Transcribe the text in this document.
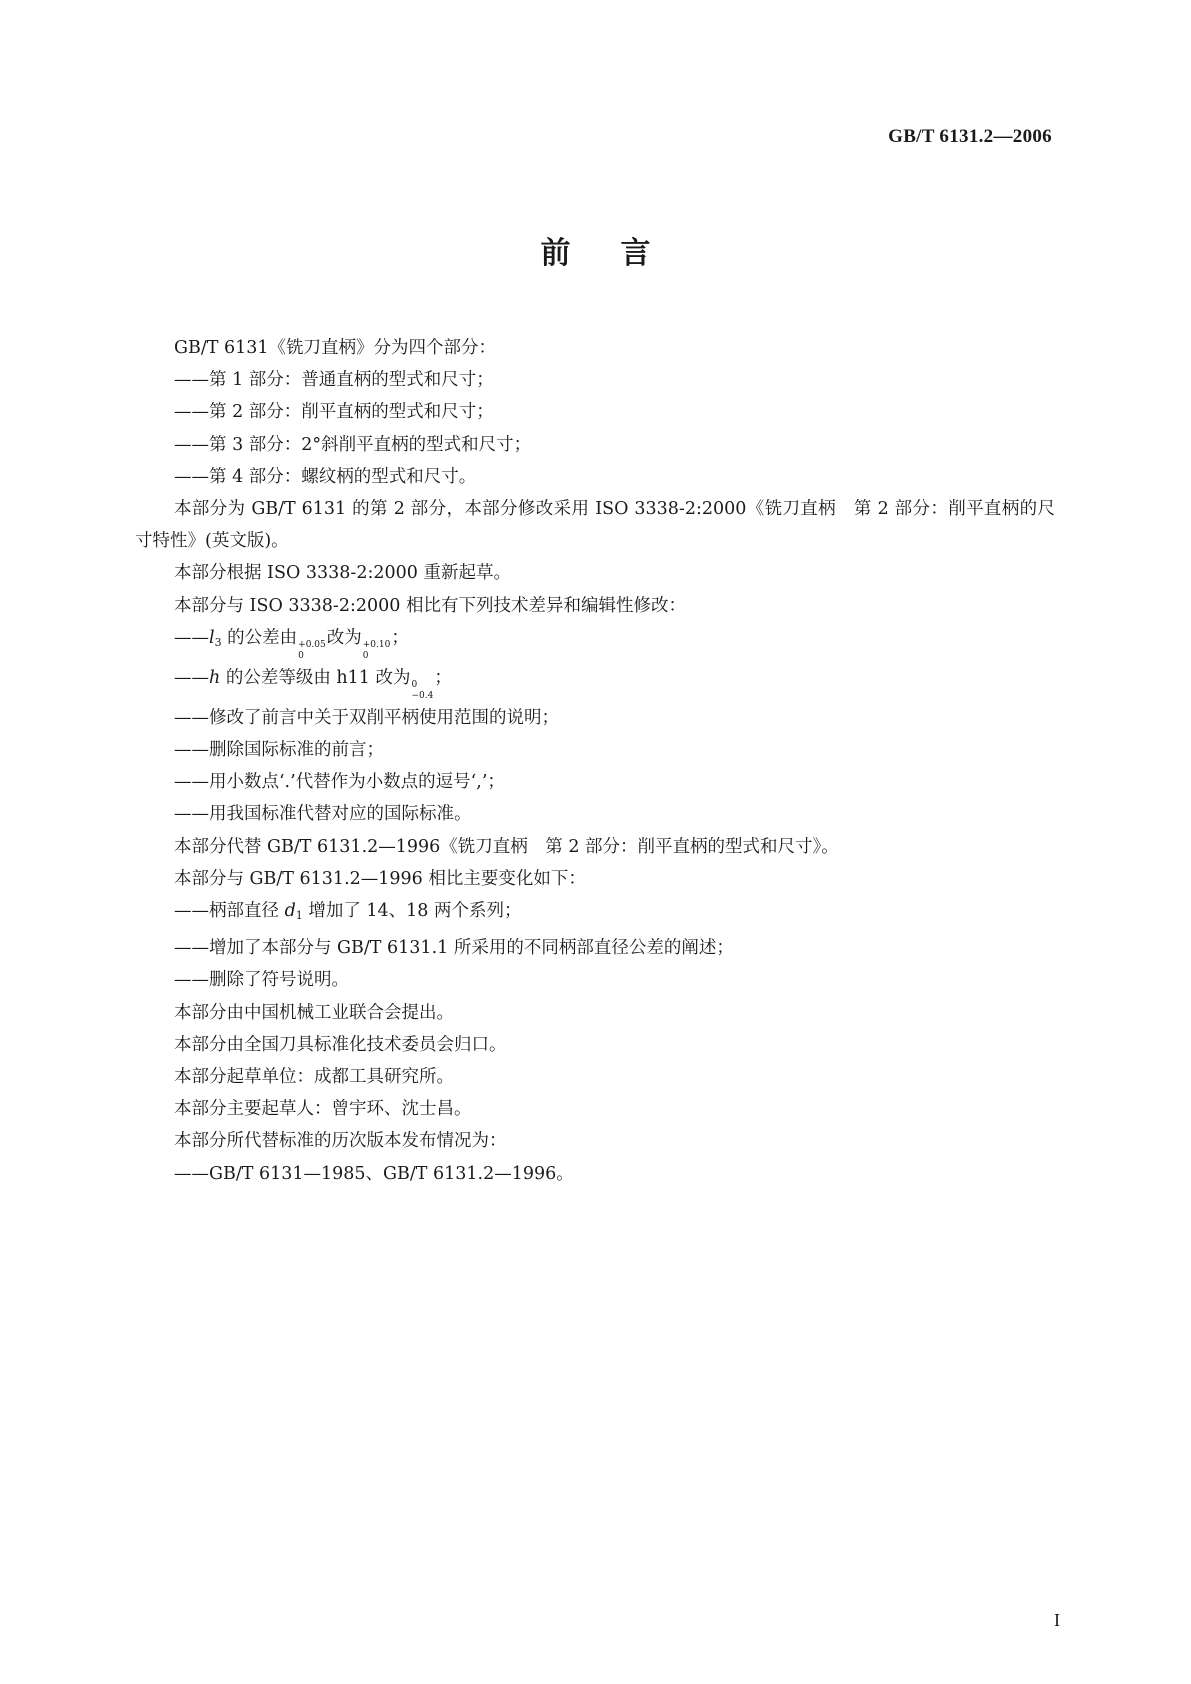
GB/T 6131.2—2006
前言

GB/T 6131《铣刀直柄》分为四个部分：

——第 1 部分：普通直柄的型式和尺寸；

——第 2 部分：削平直柄的型式和尺寸；

——第 3 部分：2°斜削平直柄的型式和尺寸；

——第 4 部分：螺纹柄的型式和尺寸。

本部分为 GB/T 6131 的第 2 部分，本部分修改采用 ISO 3338-2:2000《铣刀直柄　第 2 部分：削平直柄的尺寸特性》(英文版)。

本部分根据 ISO 3338-2:2000 重新起草。

本部分与 ISO 3338-2:2000 相比有下列技术差异和编辑性修改：

$——l_3$ 的公差由 +0.05
0
改为 +0.10
0
；

——h 的公差等级由 h11 改为 0
−0.4
；

——修改了前言中关于双削平柄使用范围的说明；

——删除国际标准的前言；

——用小数点‘.’代替作为小数点的逗号‘,’；

——用我国标准代替对应的国际标准。

本部分代替 GB/T 6131.2—1996《铣刀直柄　第 2 部分：削平直柄的型式和尺寸》。

本部分与 GB/T 6131.2—1996 相比主要变化如下：

——柄部直径 $d_1$ 增加了 14、18 两个系列；

——增加了本部分与 GB/T 6131.1 所采用的不同柄部直径公差的阐述；

——删除了符号说明。

本部分由中国机械工业联合会提出。

本部分由全国刀具标准化技术委员会归口。

本部分起草单位：成都工具研究所。

本部分主要起草人：曾宇环、沈士昌。

本部分所代替标准的历次版本发布情况为：

——GB/T 6131—1985、GB/T 6131.2—1996。

I
